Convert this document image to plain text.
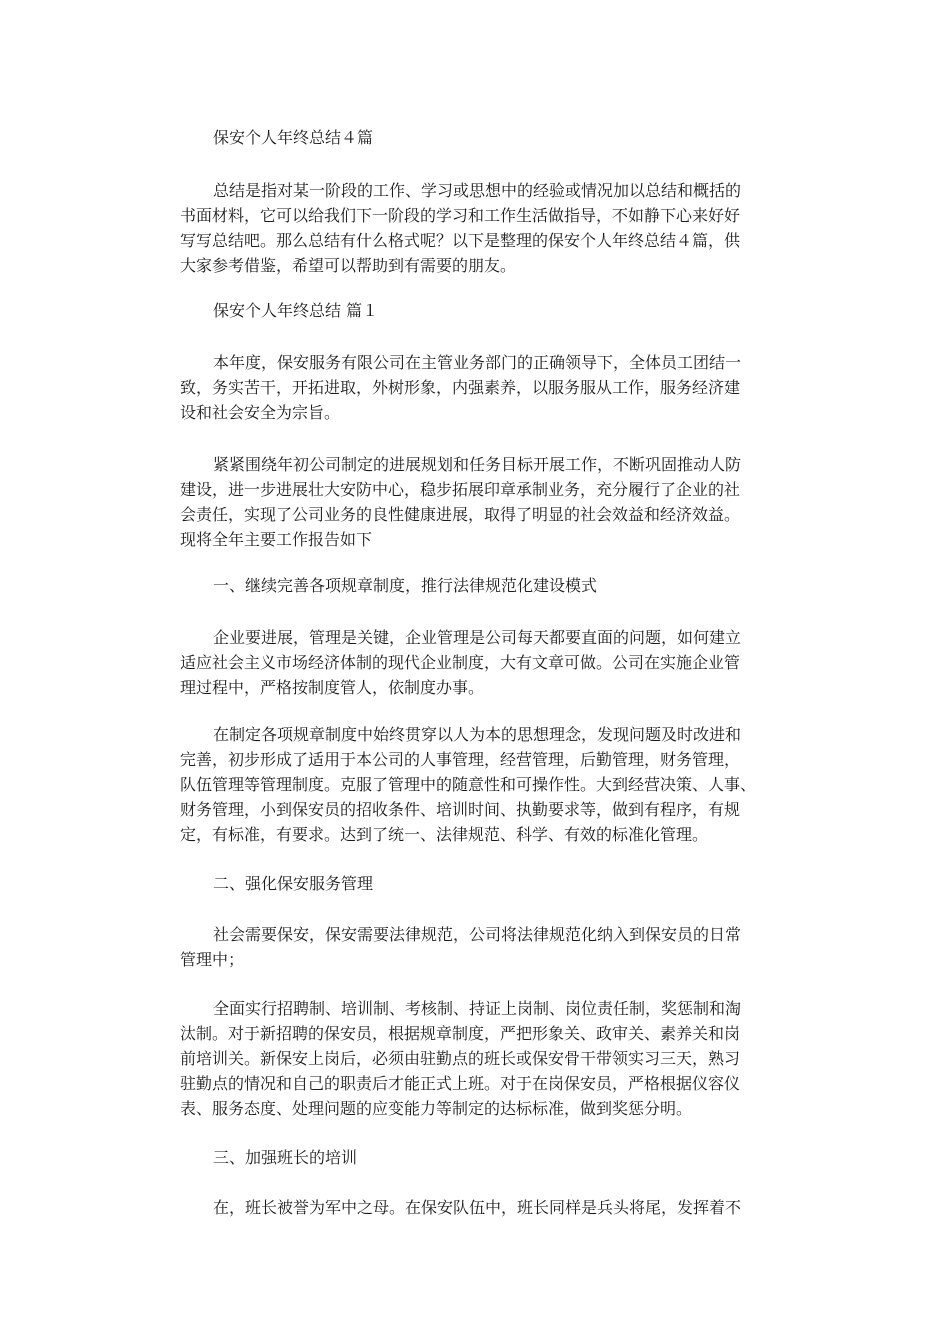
保安个人年终总结４篇

总结是指对某一阶段的工作、学习或思想中的经验或情况加以总结和概括的

书面材料，它可以给我们下一阶段的学习和工作生活做指导，不如静下心来好好

写写总结吧。那么总结有什么格式呢？以下是整理的保安个人年终总结４篇，供

大家参考借鉴，希望可以帮助到有需要的朋友。

保安个人年终总结 篇１

本年度，保安服务有限公司在主管业务部门的正确领导下，全体员工团结一

致，务实苦干，开拓进取，外树形象，内强素养，以服务服从工作，服务经济建

设和社会安全为宗旨。

紧紧围绕年初公司制定的进展规划和任务目标开展工作，不断巩固推动人防

建设，进一步进展壮大安防中心，稳步拓展印章承制业务，充分履行了企业的社

会责任，实现了公司业务的良性健康进展，取得了明显的社会效益和经济效益。

现将全年主要工作报告如下

一、继续完善各项规章制度，推行法律规范化建设模式

企业要进展，管理是关键，企业管理是公司每天都要直面的问题，如何建立

适应社会主义市场经济体制的现代企业制度，大有文章可做。公司在实施企业管

理过程中，严格按制度管人，依制度办事。

在制定各项规章制度中始终贯穿以人为本的思想理念，发现问题及时改进和

完善，初步形成了适用于本公司的人事管理，经营管理，后勤管理，财务管理，

队伍管理等管理制度。克服了管理中的随意性和可操作性。大到经营决策、人事、

财务管理，小到保安员的招收条件、培训时间、执勤要求等，做到有程序，有规

定，有标准，有要求。达到了统一、法律规范、科学、有效的标准化管理。

二、强化保安服务管理

社会需要保安，保安需要法律规范，公司将法律规范化纳入到保安员的日常

管理中；

全面实行招聘制、培训制、考核制、持证上岗制、岗位责任制，奖惩制和淘

汰制。对于新招聘的保安员，根据规章制度，严把形象关、政审关、素养关和岗

前培训关。新保安上岗后，必须由驻勤点的班长或保安骨干带领实习三天，熟习

驻勤点的情况和自己的职责后才能正式上班。对于在岗保安员，严格根据仪容仪

表、服务态度、处理问题的应变能力等制定的达标标准，做到奖惩分明。

三、加强班长的培训

在，班长被誉为军中之母。在保安队伍中，班长同样是兵头将尾，发挥着不
